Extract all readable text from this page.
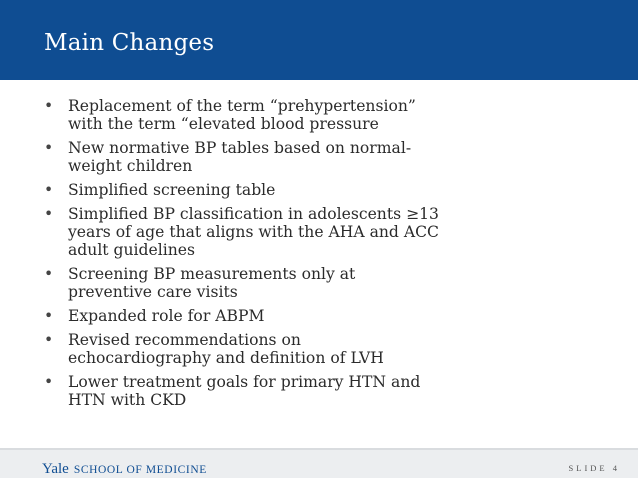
Main Changes
• Replacement of the term “prehypertension” with the term “elevated blood pressure
• New normative BP tables based on normal-weight children
• Simplified screening table
• Simplified BP classification in adolescents ≥13 years of age that aligns with the AHA and ACC adult guidelines
• Screening BP measurements only at preventive care visits
• Expanded role for ABPM
• Revised recommendations on echocardiography and definition of LVH
• Lower treatment goals for primary HTN and HTN with CKD
Yale SCHOOL OF MEDICINE	SLIDE 4
